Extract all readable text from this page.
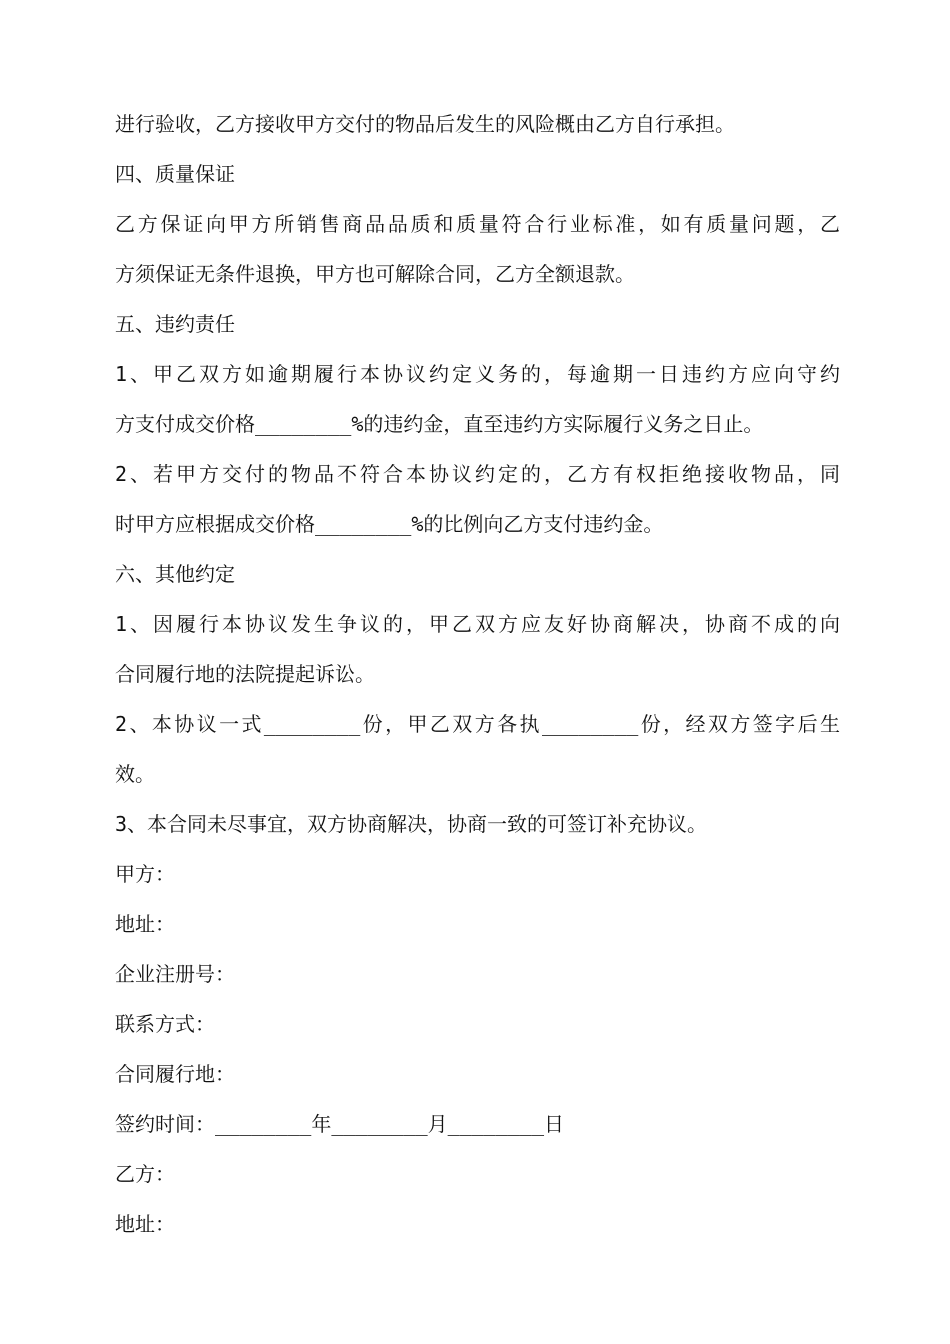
进行验收，乙方接收甲方交付的物品后发生的风险概由乙方自行承担。
四、质量保证
乙方保证向甲方所销售商品品质和质量符合行业标准，如有质量问题，乙
方须保证无条件退换，甲方也可解除合同，乙方全额退款。
五、违约责任
1、甲乙双方如逾期履行本协议约定义务的，每逾期一日违约方应向守约
方支付成交价格________%的违约金，直至违约方实际履行义务之日止。
2、若甲方交付的物品不符合本协议约定的，乙方有权拒绝接收物品，同
时甲方应根据成交价格________%的比例向乙方支付违约金。
六、其他约定
1、因履行本协议发生争议的，甲乙双方应友好协商解决，协商不成的向
合同履行地的法院提起诉讼。
2、本协议一式________份，甲乙双方各执________份，经双方签字后生
效。
3、本合同未尽事宜，双方协商解决，协商一致的可签订补充协议。
甲方：
地址：
企业注册号：
联系方式：
合同履行地：
签约时间：________年________月________日
乙方：
地址：
